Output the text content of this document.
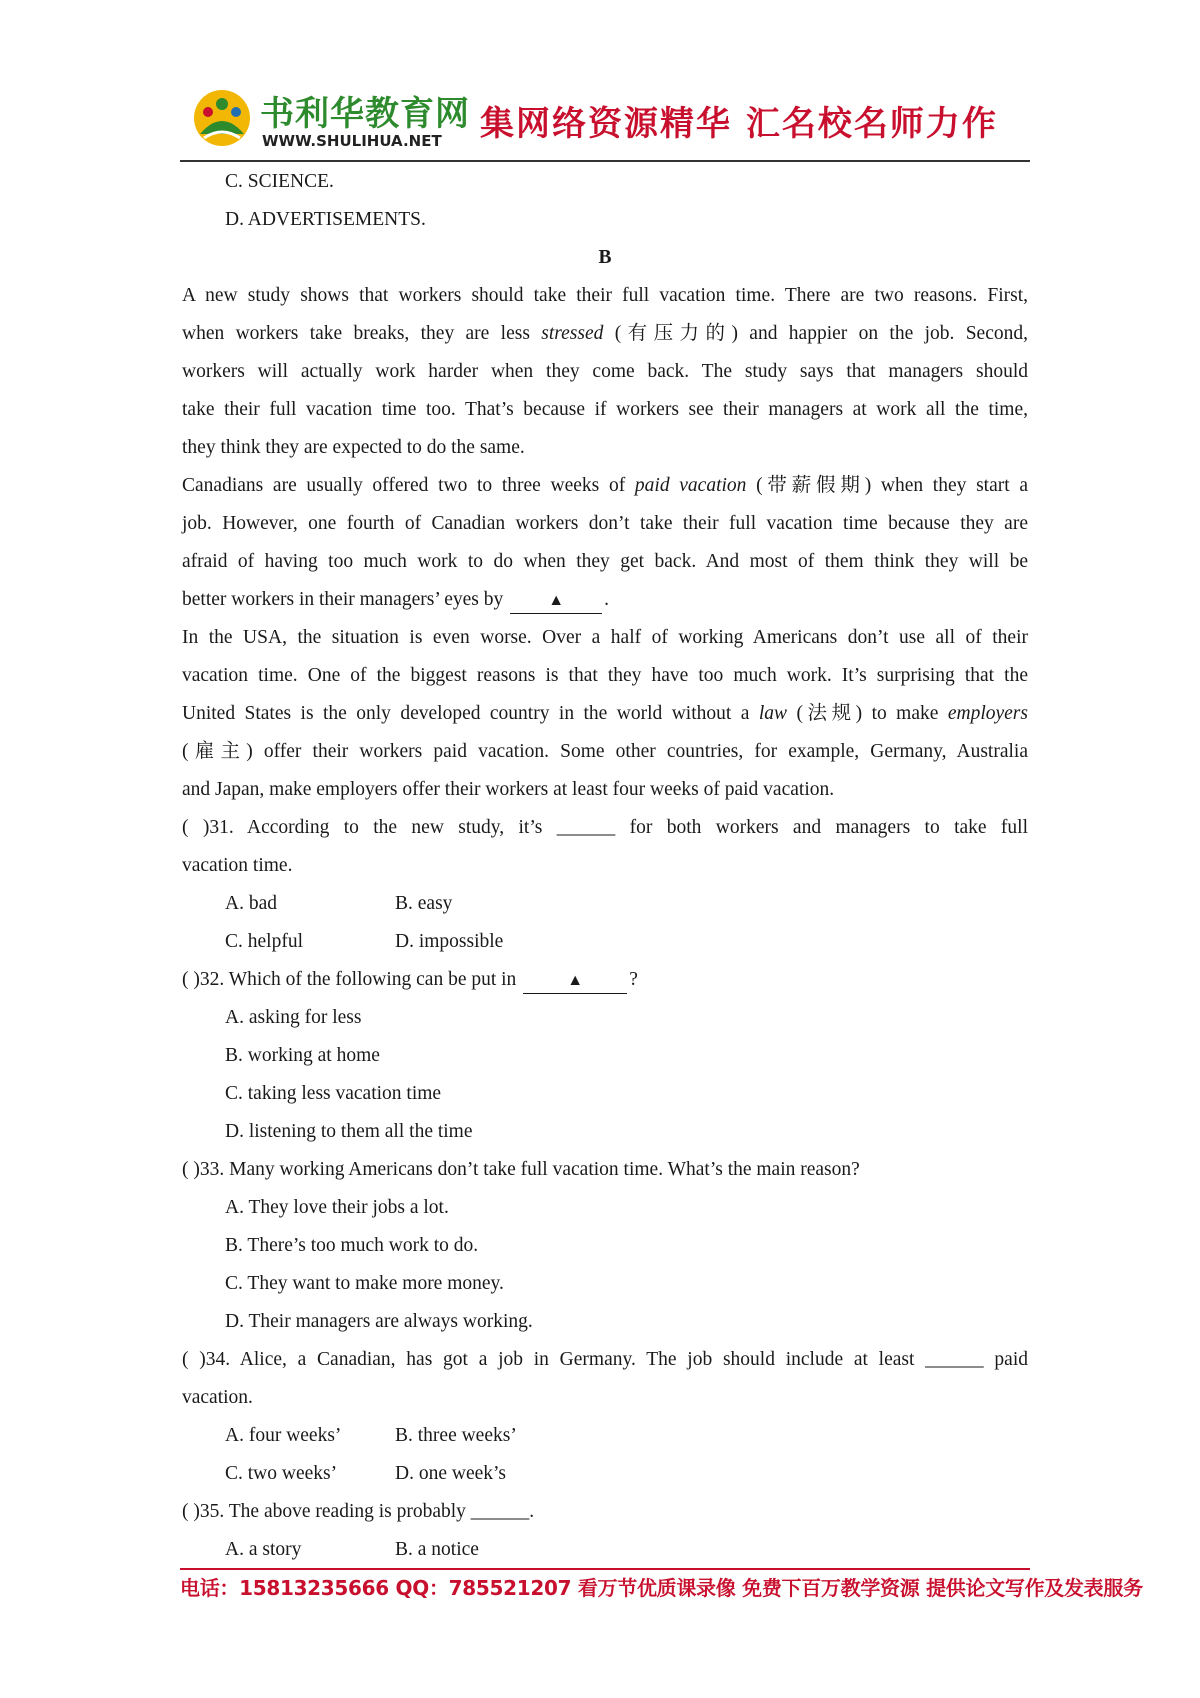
书利华教育网
WWW.SHULIHUA.NET 集网络资源精华 汇名校名师力作
C. SCIENCE.
D. ADVERTISEMENTS.
B
A new study shows that workers should take their full vacation time. There are two reasons. First,
when workers take breaks, they are less stressed (有压力的) and happier on the job. Second,
workers will actually work harder when they come back. The study says that managers should
take their full vacation time too. That’s because if workers see their managers at work all the time,
they think they are expected to do the same.
Canadians are usually offered two to three weeks of paid vacation (带薪假期) when they start a
job. However, one fourth of Canadian workers don’t take their full vacation time because they are
afraid of having too much work to do when they get back. And most of them think they will be
better workers in their managers’ eyes by	▲ .
In the USA, the situation is even worse. Over a half of working Americans don’t use all of their
vacation time. One of the biggest reasons is that they have too much work. It’s surprising that the
United States is the only developed country in the world without a law (法规) to make employers
(雇主) offer their workers paid vacation. Some other countries, for example, Germany, Australia
and Japan, make employers offer their workers at least four weeks of paid vacation.
( )31. According to the new study, it’s ______ for both workers and managers to take full
vacation time.
A. bad	B. easy
C. helpful	D. impossible
( )32. Which of the following can be put in	▲ ?
A. asking for less
B. working at home
C. taking less vacation time
D. listening to them all the time
( )33. Many working Americans don’t take full vacation time. What’s the main reason?
A. They love their jobs a lot.
B. There’s too much work to do.
C. They want to make more money.
D. Their managers are always working.
( )34. Alice, a Canadian, has got a job in Germany. The job should include at least ______ paid
vacation.
A. four weeks’	B. three weeks’
C. two weeks’	D. one week’s
( )35. The above reading is probably ______.
A. a story	B. a notice
电话：15813235666 QQ：785521207 看万节优质课录像 免费下百万教学资源 提供论文写作及发表服务
